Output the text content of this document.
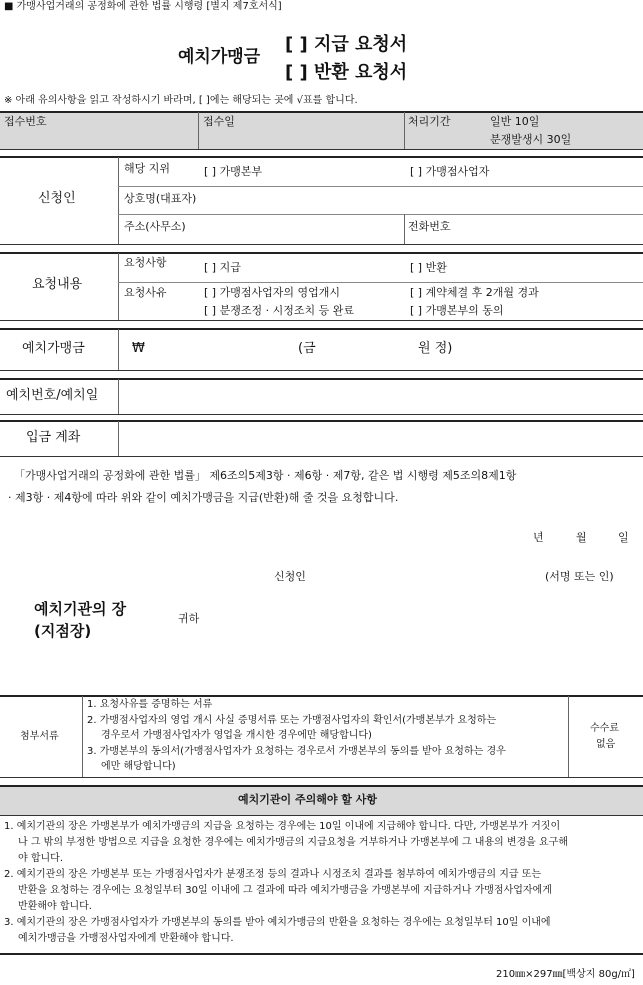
■ 가맹사업거래의 공정화에 관한 법률 시행령 [별지 제7호서식]
예치가맹금
[ ] 지급 요청서
[ ] 반환 요청서
※ 아래 유의사항을 읽고 작성하시기 바라며, [ ]에는 해당되는 곳에 √표를 합니다.
접수번호	접수일	처리기간	일반 10일
분쟁발생시 30일
신청인
해당 지위	[ ] 가맹본부	[ ] 가맹점사업자
상호명(대표자)
주소(사무소)	전화번호
요청내용
요청사항	[ ] 지급	[ ] 반환
요청사유	[ ] 가맹점사업자의 영업개시	[ ] 계약체결 후 2개월 경과
[ ] 분쟁조정 · 시정조치 등 완료	[ ] 가맹본부의 동의
예치가맹금	₩	(금	원 정)
예치번호/예치일
입금 계좌
「가맹사업거래의 공정화에 관한 법률」 제6조의5제3항 · 제6항 · 제7항, 같은 법 시행령 제5조의8제1항
· 제3항 · 제4항에 따라 위와 같이 예치가맹금을 지급(반환)해 줄 것을 요청합니다.
년	월	일
신청인	(서명 또는 인)
예치기관의 장
(지점장)
귀하
첨부서류
1. 요청사유를 증명하는 서류
2. 가맹점사업자의 영업 개시 사실 증명서류 또는 가맹점사업자의 확인서(가맹본부가 요청하는
경우로서 가맹점사업자가 영업을 개시한 경우에만 해당합니다)
3. 가맹본부의 동의서(가맹점사업자가 요청하는 경우로서 가맹본부의 동의를 받아 요청하는 경우
에만 해당합니다)
수수료
없음
예치기관이 주의해야 할 사항
1. 예치기관의 장은 가맹본부가 예치가맹금의 지급을 요청하는 경우에는 10일 이내에 지급해야 합니다. 다만, 가맹본부가 거짓이
나 그 밖의 부정한 방법으로 지급을 요청한 경우에는 예치가맹금의 지급요청을 거부하거나 가맹본부에 그 내용의 변경을 요구해
야 합니다.
2. 예치기관의 장은 가맹본부 또는 가맹점사업자가 분쟁조정 등의 결과나 시정조치 결과를 첨부하여 예치가맹금의 지급 또는
반환을 요청하는 경우에는 요청일부터 30일 이내에 그 결과에 따라 예치가맹금을 가맹본부에 지급하거나 가맹점사업자에게
반환해야 합니다.
3. 예치기관의 장은 가맹점사업자가 가맹본부의 동의를 받아 예치가맹금의 반환을 요청하는 경우에는 요청일부터 10일 이내에
예치가맹금을 가맹점사업자에게 반환해야 합니다.
210㎜×297㎜[백상지 80g/㎡]
